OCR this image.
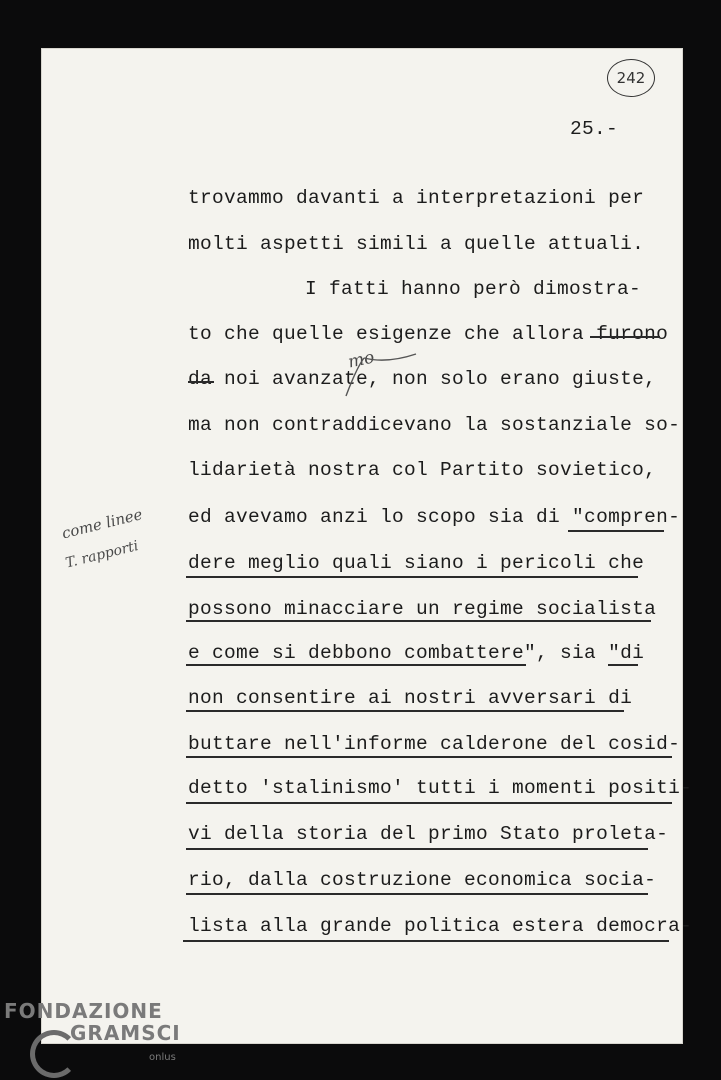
242
25.-
trovammo davanti a interpretazioni per
molti aspetti simili a quelle attuali.
I fatti hanno però dimostra-
to che quelle esigenze che allora furono
da noi avanzate, non solo erano giuste,
ma non contraddicevano la sostanziale so-
lidarietà nostra col Partito sovietico,
ed avevamo anzi lo scopo sia di "compren-
dere meglio quali siano i pericoli che
possono minacciare un regime socialista
e come si debbono combattere", sia "di
non consentire ai nostri avversari di
buttare nell'informe calderone del cosid-
detto 'stalinismo' tutti i momenti positi-
vi della storia del primo Stato proleta-
rio, dalla costruzione economica socia-
lista alla grande politica estera democra-
mo
come linee
T. rapporti
FONDAZIONE
GRAMSCI
onlus
